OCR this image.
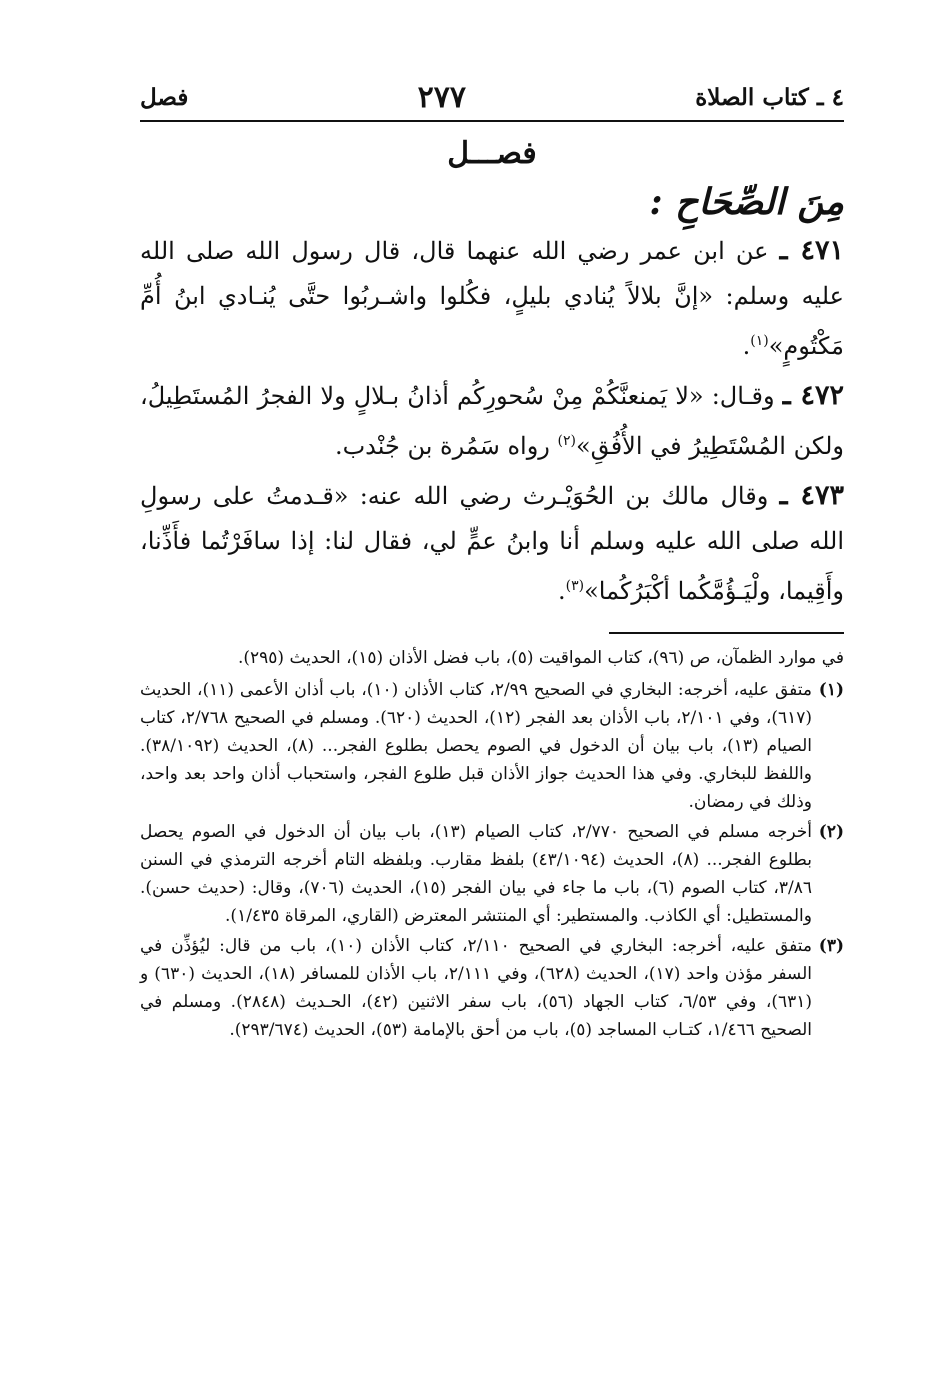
٤ ـ كتاب الصلاة
٢٧٧
فصل
فصـــل
مِنَ الصِّحَاحِ :

٤٧١ ـ عن ابن عمر رضي الله عنهما قال، قال رسول الله صلى الله عليه وسلم: «إنَّ بلالاً يُنادي بليلٍ، فكُلوا واشـربُوا حتَّى يُنـادي ابنُ أُمِّ مَكْتُومٍ»$^{(١)}$.

٤٧٢ ـ وقـال: «لا يَمنعنَّكُمْ مِنْ سُحورِكُم أذانُ بـلالٍ ولا الفجرُ المُستَطِيلُ، ولكن المُسْتَطِيرُ في الأُفُقِ»$^{(٢)}$ رواه سَمُرة بن جُنْدب.

٤٧٣ ـ وقال مالك بن الحُوَيْـرث رضي الله عنه: «قـدمتُ على رسولِ الله صلى الله عليه وسلم أنا وابنُ عمٍّ لي، فقال لنا: إذا سافَرْتُما فأَذِّنا، وأَقِيما، ولْيَـؤُمَّكُما أكْبَرُكُما»$^{(٣)}$.

في موارد الظمآن، ص (٩٦)، كتاب المواقيت (٥)، باب فضل الأذان (١٥)، الحديث (٢٩٥).
(١)
متفق عليه، أخرجه: البخاري في الصحيح ٢/٩٩، كتاب الأذان (١٠)، باب أذان الأعمى (١١)، الحديث (٦١٧)، وفي ٢/١٠١، باب الأذان بعد الفجر (١٢)، الحديث (٦٢٠). ومسلم في الصحيح ٢/٧٦٨، كتاب الصيام (١٣)، باب بيان أن الدخول في الصوم يحصل بطلوع الفجر... (٨)، الحديث (٣٨/١٠٩٢). واللفظ للبخاري. وفي هذا الحديث جواز الأذان قبل طلوع الفجر، واستحباب أذان واحد بعد واحد، وذلك في رمضان.
(٢)
أخرجه مسلم في الصحيح ٢/٧٧٠، كتاب الصيام (١٣)، باب بيان أن الدخول في الصوم يحصل بطلوع الفجر... (٨)، الحديث (٤٣/١٠٩٤) بلفظ مقارب. وبلفظه التام أخرجه الترمذي في السنن ٣/٨٦، كتاب الصوم (٦)، باب ما جاء في بيان الفجر (١٥)، الحديث (٧٠٦)، وقال: (حديث حسن). والمستطيل: أي الكاذب. والمستطير: أي المنتشر المعترض (القاري، المرقاة ١/٤٣٥).
(٣)
متفق عليه، أخرجه: البخاري في الصحيح ٢/١١٠، كتاب الأذان (١٠)، باب من قال: ليُؤذِّن في السفر مؤذن واحد (١٧)، الحديث (٦٢٨)، وفي ٢/١١١، باب الأذان للمسافر (١٨)، الحديث (٦٣٠) و (٦٣١)، وفي ٦/٥٣، كتاب الجهاد (٥٦)، باب سفر الاثنين (٤٢)، الحـديث (٢٨٤٨). ومسلم في الصحيح ١/٤٦٦، كتـاب المساجد (٥)، باب من أحق بالإمامة (٥٣)، الحديث (٢٩٣/٦٧٤).
